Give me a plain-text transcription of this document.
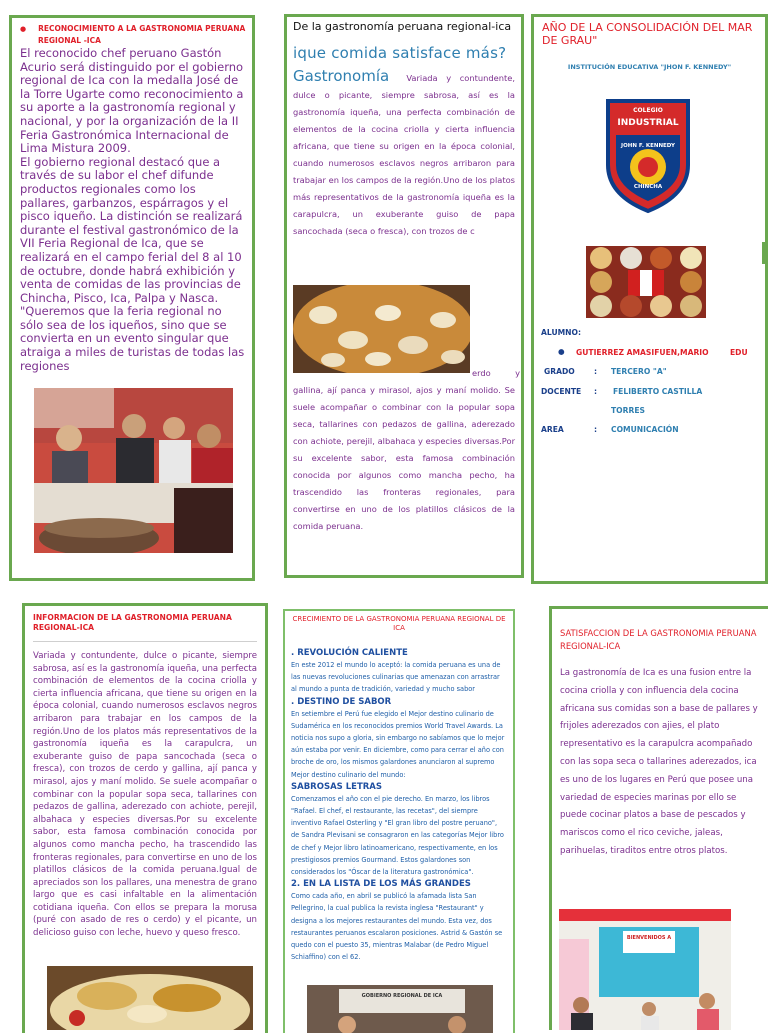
● RECONOCIMIENTO A LA GASTRONOMIA PERUANA REGIONAL -ICA

El reconocido chef peruano Gastón Acurio será distinguido por el gobierno regional de Ica con la medalla José de la Torre Ugarte como reconocimiento a su aporte a la gastronomía regional y nacional, y por la organización de la II Feria Gastronómica Internacional de Lima Mistura 2009.
El gobierno regional destacó que a través de su labor el chef difunde productos regionales como los pallares, garbanzos, espárragos y el pisco iqueño. La distinción se realizará durante el festival gastronómico de la VII Feria Regional de Ica, que se realizará en el campo ferial del 8 al 10 de octubre, donde habrá exhibición y venta de comidas de las provincias de Chincha, Pisco, Ica, Palpa y Nasca.
"Queremos que la feria regional no sólo sea de los iqueños, sino que se convierta en un evento singular que atraiga a miles de turistas de todas las regiones

De la gastronomía peruana regional-ica

ique comida satisface más?

Gastronomía Variada y contundente, dulce o picante, siempre sabrosa, así es la gastronomía iqueña, una perfecta combinación de elementos de la cocina criolla y cierta influencia africana, que tiene su origen en la época colonial, cuando numerosos esclavos negros arribaron para trabajar en los campos de la región.Uno de los platos más representativos de la gastronomía iqueña es la carapulcra, un exuberante guiso de papa sancochada (seca o fresca), con trozos de c

erdo y

gallina, ají panca y mirasol, ajos y maní molido. Se suele acompañar o combinar con la popular sopa seca, tallarines con pedazos de gallina, aderezado con achiote, perejil, albahaca y especies diversas.Por su excelente sabor, esta famosa combinación conocida por algunos como mancha pecho, ha trascendido las fronteras regionales, para convertirse en uno de los platillos clásicos de la comida peruana.

AÑO DE LA CONSOLIDACIÓN DEL MAR DE GRAU"

INSTITUCIÓN EDUCATIVA "JHON F. KENNEDY"

COLEGIO
INDUSTRIAL
JOHN F. KENNEDY
CHINCHA
ALUMNO:
● GUTIERREZ AMASIFUEN,MARIO	EDU
GRADO	: TERCERO "A"
DOCENTE : FELIBERTO CASTILLA
TORRES
AREA	: COMUNICACIÓN

INFORMACION DE LA GASTRONOMIA PERUANA REGIONAL-ICA

Variada y contundente, dulce o picante, siempre sabrosa, así es la gastronomía iqueña, una perfecta combinación de elementos de la cocina criolla y cierta influencia africana, que tiene su origen en la época colonial, cuando numerosos esclavos negros arribaron para trabajar en los campos de la región.Uno de los platos más representativos de la gastronomía iqueña es la carapulcra, un exuberante guiso de papa sancochada (seca o fresca), con trozos de cerdo y gallina, ají panca y mirasol, ajos y maní molido. Se suele acompañar o combinar con la popular sopa seca, tallarines con pedazos de gallina, aderezado con achiote, perejil, albahaca y especies diversas.Por su excelente sabor, esta famosa combinación conocida por algunos como mancha pecho, ha trascendido las fronteras regionales, para convertirse en uno de los platillos clásicos de la comida peruana.Igual de apreciados son los pallares, una menestra de grano largo que es casi infaltable en la alimentación cotidiana iqueña. Con ellos se prepara la morusa (puré con asado de res o cerdo) y el picante, un delicioso guiso con leche, huevo y queso fresco.

CRECIMIENTO DE LA GASTRONOMIA PERUANA REGIONAL DE ICA

. REVOLUCIÓN CALIENTE

En este 2012 el mundo lo aceptó: la comida peruana es una de las nuevas revoluciones culinarias que amenazan con arrastrar al mundo a punta de tradición, variedad y mucho sabor

. DESTINO DE SABOR

En setiembre el Perú fue elegido el Mejor destino culinario de Sudamérica en los reconocidos premios World Travel Awards. La noticia nos supo a gloria, sin embargo no sabíamos que lo mejor aún estaba por venir. En diciembre, como para cerrar el año con broche de oro, los mismos galardones anunciaron al supremo Mejor destino culinario del mundo:

SABROSAS LETRAS

Comenzamos el año con el pie derecho. En marzo, los libros "Rafael. El chef, el restaurante, las recetas", del siempre inventivo Rafael Osterling y "El gran libro del postre peruano", de Sandra Plevisani se consagraron en las categorías Mejor libro de chef y Mejor libro latinoamericano, respectivamente, en los prestigiosos premios Gourmand. Estos galardones son considerados los "Óscar de la literatura gastronómica".

2. EN LA LISTA DE LOS MÁS GRANDES

Como cada año, en abril se publicó la afamada lista San Pellegrino, la cual publica la revista inglesa "Restaurant" y designa a los mejores restaurantes del mundo. Esta vez, dos restaurantes peruanos escalaron posiciones. Astrid & Gastón se quedo con el puesto 35, mientras Malabar (de Pedro Miguel Schiaffino) con el 62.

GOBIERNO REGIONAL DE ICA

SATISFACCION DE LA GASTRONOMIA PERUANA REGIONAL-ICA

La gastronomía de Ica es una fusion entre la cocina criolla y con influencia dela cocina africana sus comidas son a base de pallares y frijoles aderezados con ajies, el plato representativo es la carapulcra acompañado con las sopa seca o tallarines aderezados, ica es uno de los lugares en Perú que posee una variedad de especies marinas por ello se puede cocinar platos a base de pescados y mariscos como el rico ceviche, jaleas, parihuelas, tiraditos entre otros platos.

BIENVENIDOS A
